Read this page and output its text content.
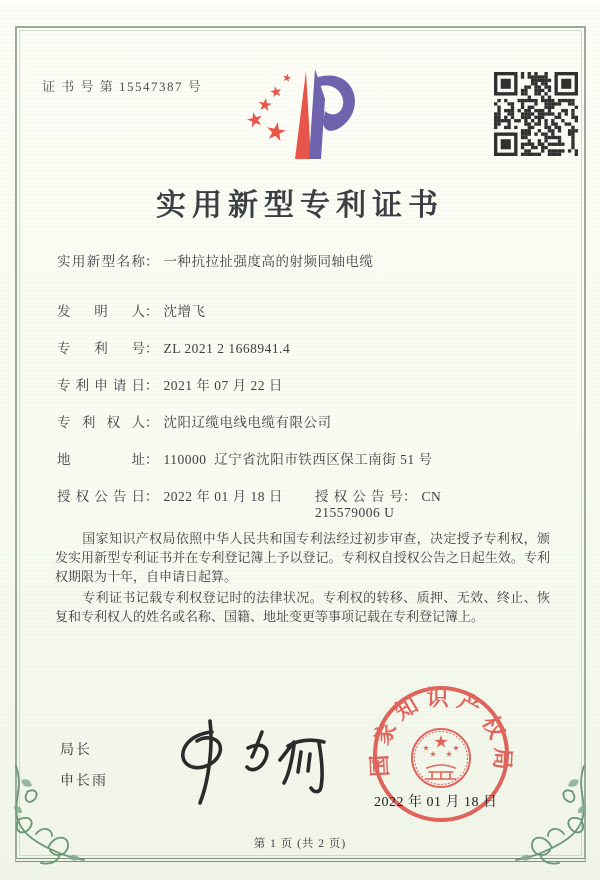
证 书 号 第 15547387 号
实用新型专利证书
实用新型名称： 一种抗拉扯强度高的射频同轴电缆
发明人： 沈增飞
专利号： ZL 2021 2 1668941.4
专利申请日： 2021 年 07 月 22 日
专利权人： 沈阳辽缆电线电缆有限公司
地址： 110000  辽宁省沈阳市铁西区保工南街 51 号
授权公告日： 2022 年 01 月 18 日 授权公告号： CN 215579006 U

国家知识产权局依照中华人民共和国专利法经过初步审查，决定授予专利权，颁发实用新型专利证书并在专利登记簿上予以登记。专利权自授权公告之日起生效。专利权期限为十年，自申请日起算。

专利证书记载专利权登记时的法律状况。专利权的转移、质押、无效、终止、恢复和专利权人的姓名或名称、国籍、地址变更等事项记载在专利登记簿上。

局长
申长雨
国家知识产权局
2022 年 01 月 18 日
第 1 页 (共 2 页)
